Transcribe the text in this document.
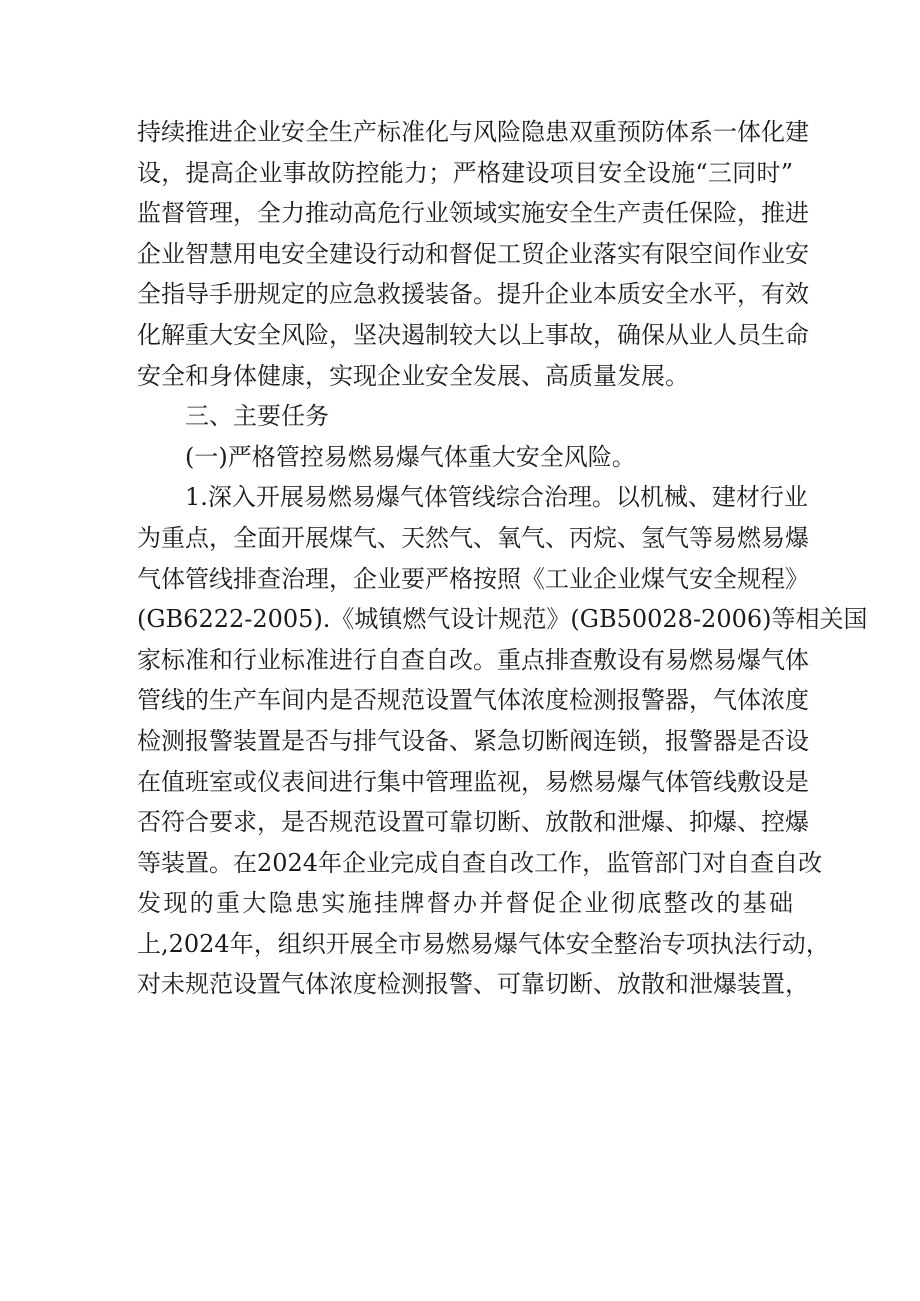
持续推进企业安全生产标准化与风险隐患双重预防体系一体化建
设，提高企业事故防控能力；严格建设项目安全设施“三同时”
监督管理，全力推动高危行业领域实施安全生产责任保险，推进
企业智慧用电安全建设行动和督促工贸企业落实有限空间作业安
全指导手册规定的应急救援装备。提升企业本质安全水平，有效
化解重大安全风险，坚决遏制较大以上事故，确保从业人员生命
安全和身体健康，实现企业安全发展、高质量发展。
三、主要任务
(一)严格管控易燃易爆气体重大安全风险。
1.深入开展易燃易爆气体管线综合治理。以机械、建材行业
为重点，全面开展煤气、天然气、氧气、丙烷、氢气等易燃易爆
气体管线排查治理，企业要严格按照《工业企业煤气安全规程》
(GB6222-2005).《城镇燃气设计规范》(GB50028-2006)等相关国
家标准和行业标准进行自查自改。重点排查敷设有易燃易爆气体
管线的生产车间内是否规范设置气体浓度检测报警器，气体浓度
检测报警装置是否与排气设备、紧急切断阀连锁，报警器是否设
在值班室或仪表间进行集中管理监视，易燃易爆气体管线敷设是
否符合要求，是否规范设置可靠切断、放散和泄爆、抑爆、控爆
等装置。在2024年企业完成自查自改工作，监管部门对自查自改
发现的重大隐患实施挂牌督办并督促企业彻底整改的基础
上,2024年，组织开展全市易燃易爆气体安全整治专项执法行动，
对未规范设置气体浓度检测报警、可靠切断、放散和泄爆装置，
